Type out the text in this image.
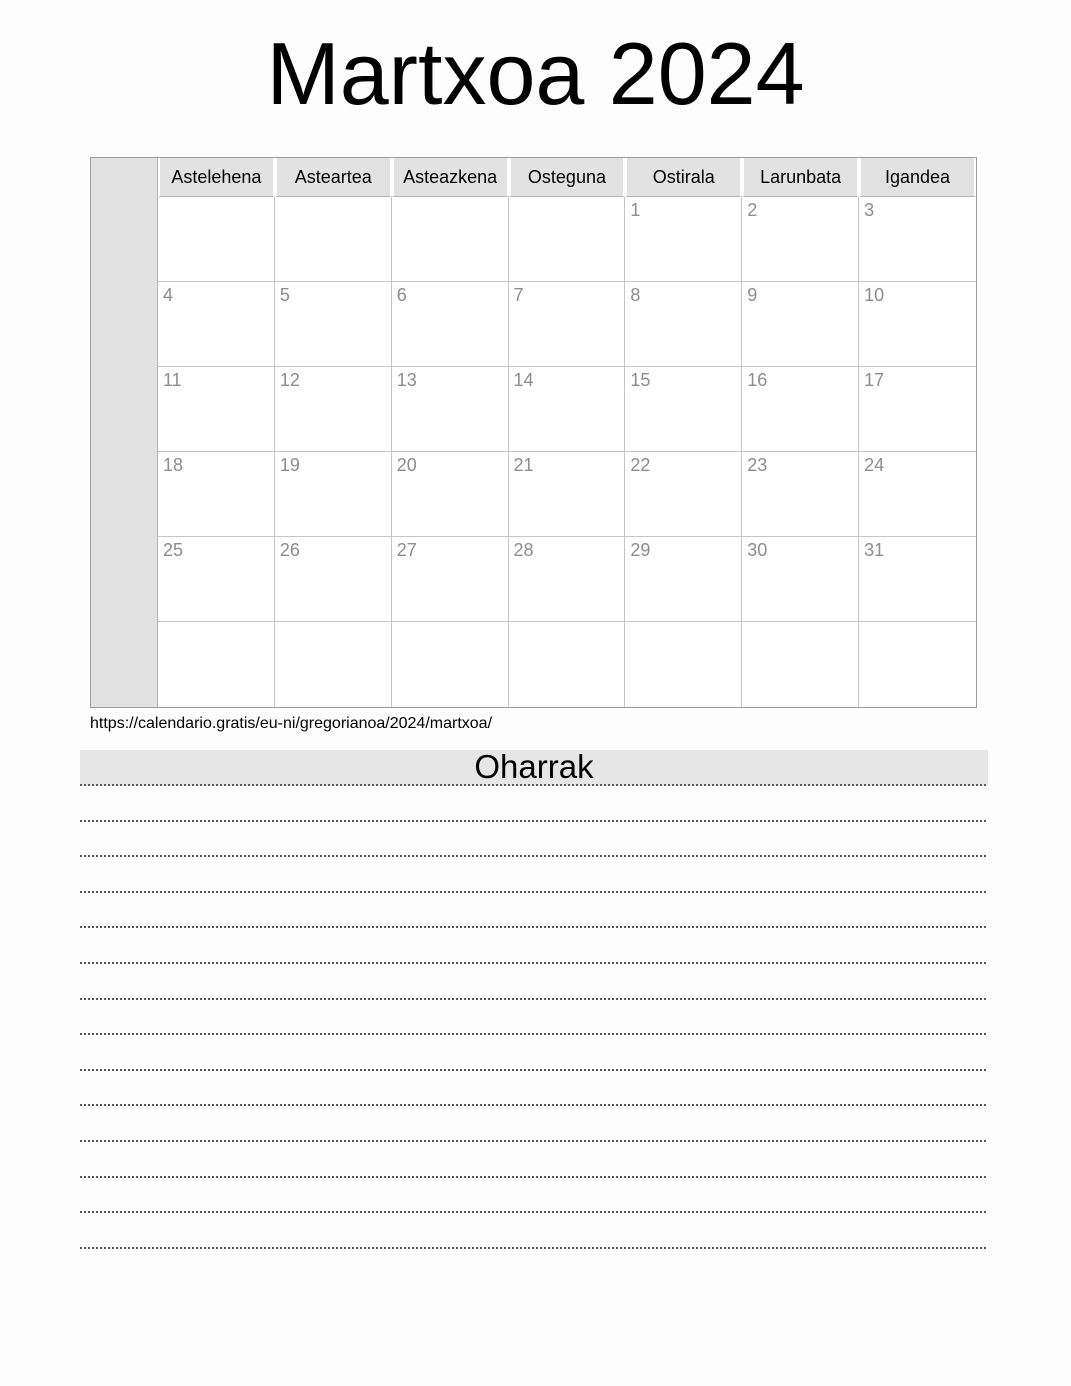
Martxoa 2024
	Astelehena	Asteartea	Asteazkena	Osteguna	Ostirala	Larunbata	Igandea
					1	2	3
	4	5	6	7	8	9	10
	11	12	13	14	15	16	17
	18	19	20	21	22	23	24
	25	26	27	28	29	30	31

https://calendario.gratis/eu-ni/gregorianoa/2024/martxoa/
Oharrak
